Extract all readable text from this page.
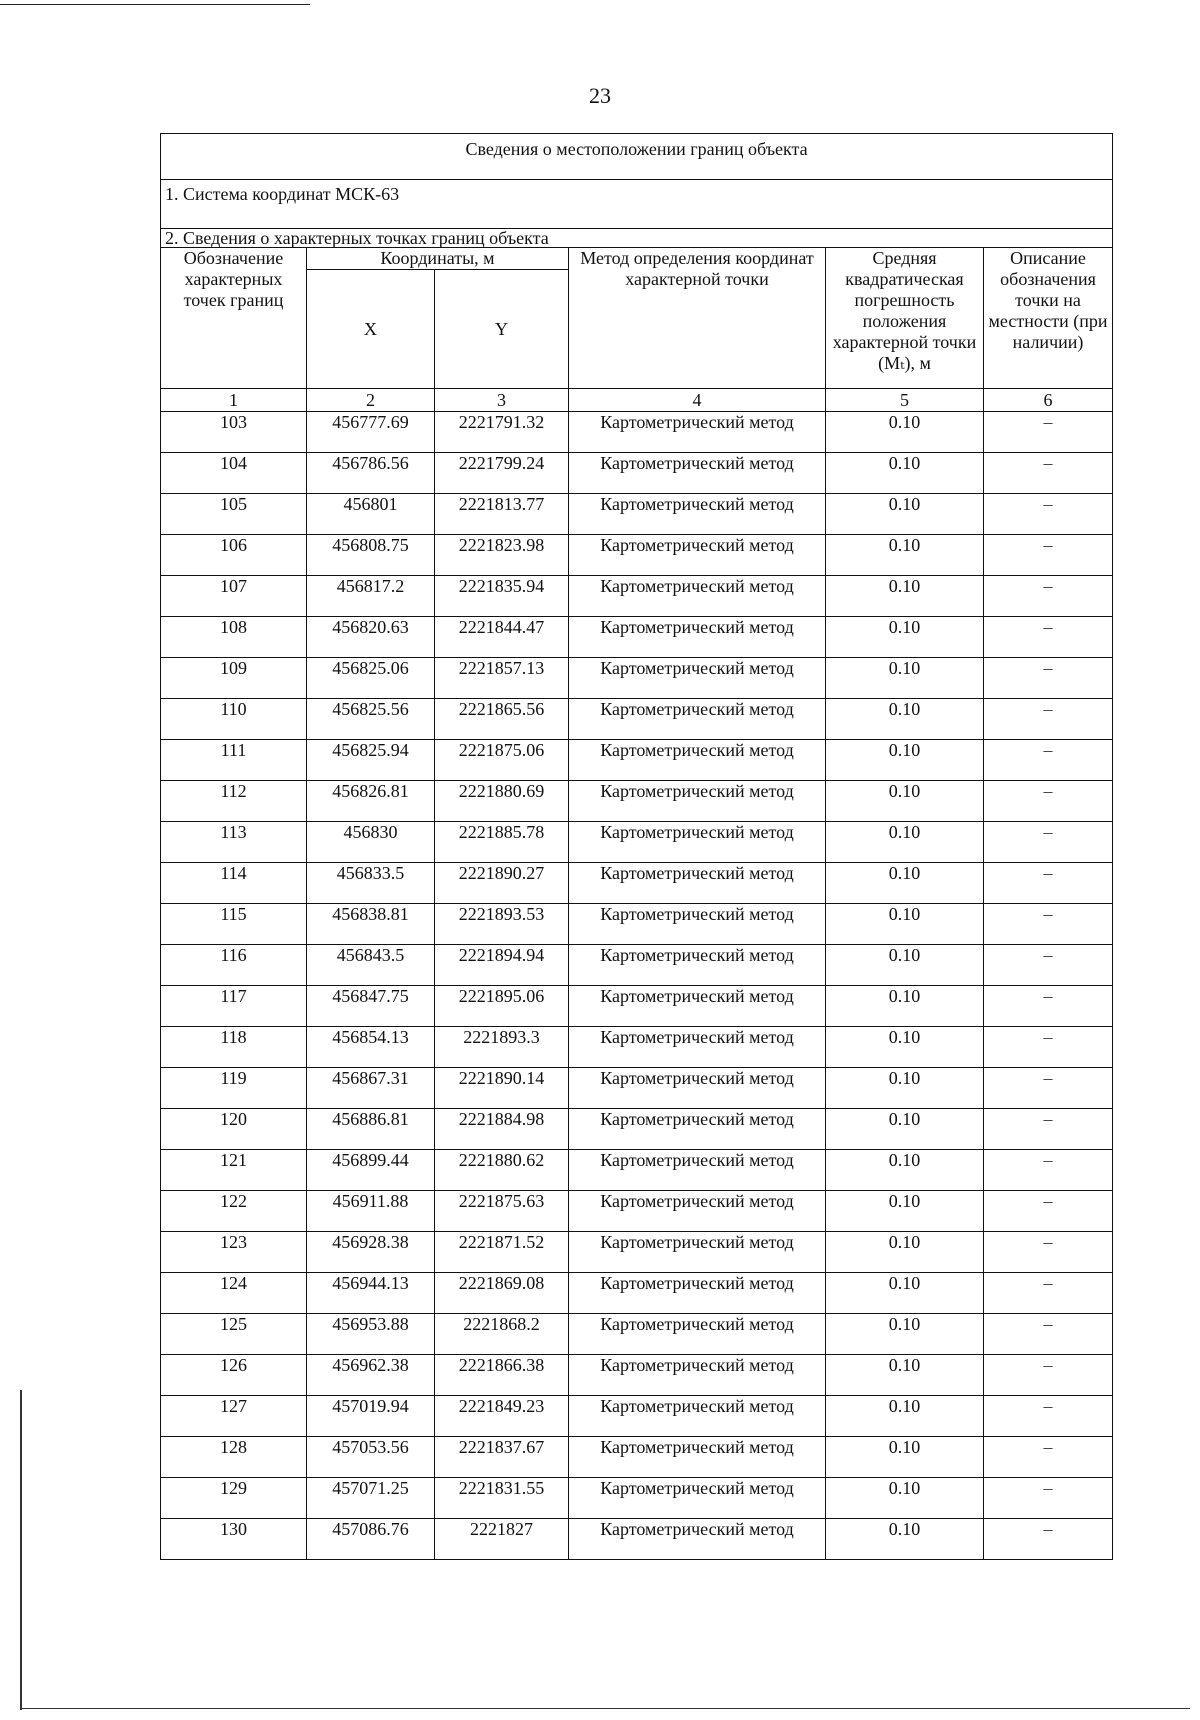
23
Сведения о местоположении границ объекта					
1. Система координат МСК-63					
2. Сведения о характерных точках границ объекта					
Обозначение характерных точек границ	Координаты, м		Метод определения координат характерной точки	Средняя квадратическая погрешность положения характерной точки (Mₜ), м	Описание обозначения точки на местности (при наличии)
	X	Y			
1	2	3	4	5	6
103	456777.69	2221791.32	Картометрический метод	0.10	–
104	456786.56	2221799.24	Картометрический метод	0.10	–
105	456801	2221813.77	Картометрический метод	0.10	–
106	456808.75	2221823.98	Картометрический метод	0.10	–
107	456817.2	2221835.94	Картометрический метод	0.10	–
108	456820.63	2221844.47	Картометрический метод	0.10	–
109	456825.06	2221857.13	Картометрический метод	0.10	–
110	456825.56	2221865.56	Картометрический метод	0.10	–
111	456825.94	2221875.06	Картометрический метод	0.10	–
112	456826.81	2221880.69	Картометрический метод	0.10	–
113	456830	2221885.78	Картометрический метод	0.10	–
114	456833.5	2221890.27	Картометрический метод	0.10	–
115	456838.81	2221893.53	Картометрический метод	0.10	–
116	456843.5	2221894.94	Картометрический метод	0.10	–
117	456847.75	2221895.06	Картометрический метод	0.10	–
118	456854.13	2221893.3	Картометрический метод	0.10	–
119	456867.31	2221890.14	Картометрический метод	0.10	–
120	456886.81	2221884.98	Картометрический метод	0.10	–
121	456899.44	2221880.62	Картометрический метод	0.10	–
122	456911.88	2221875.63	Картометрический метод	0.10	–
123	456928.38	2221871.52	Картометрический метод	0.10	–
124	456944.13	2221869.08	Картометрический метод	0.10	–
125	456953.88	2221868.2	Картометрический метод	0.10	–
126	456962.38	2221866.38	Картометрический метод	0.10	–
127	457019.94	2221849.23	Картометрический метод	0.10	–
128	457053.56	2221837.67	Картометрический метод	0.10	–
129	457071.25	2221831.55	Картометрический метод	0.10	–
130	457086.76	2221827	Картометрический метод	0.10	–
